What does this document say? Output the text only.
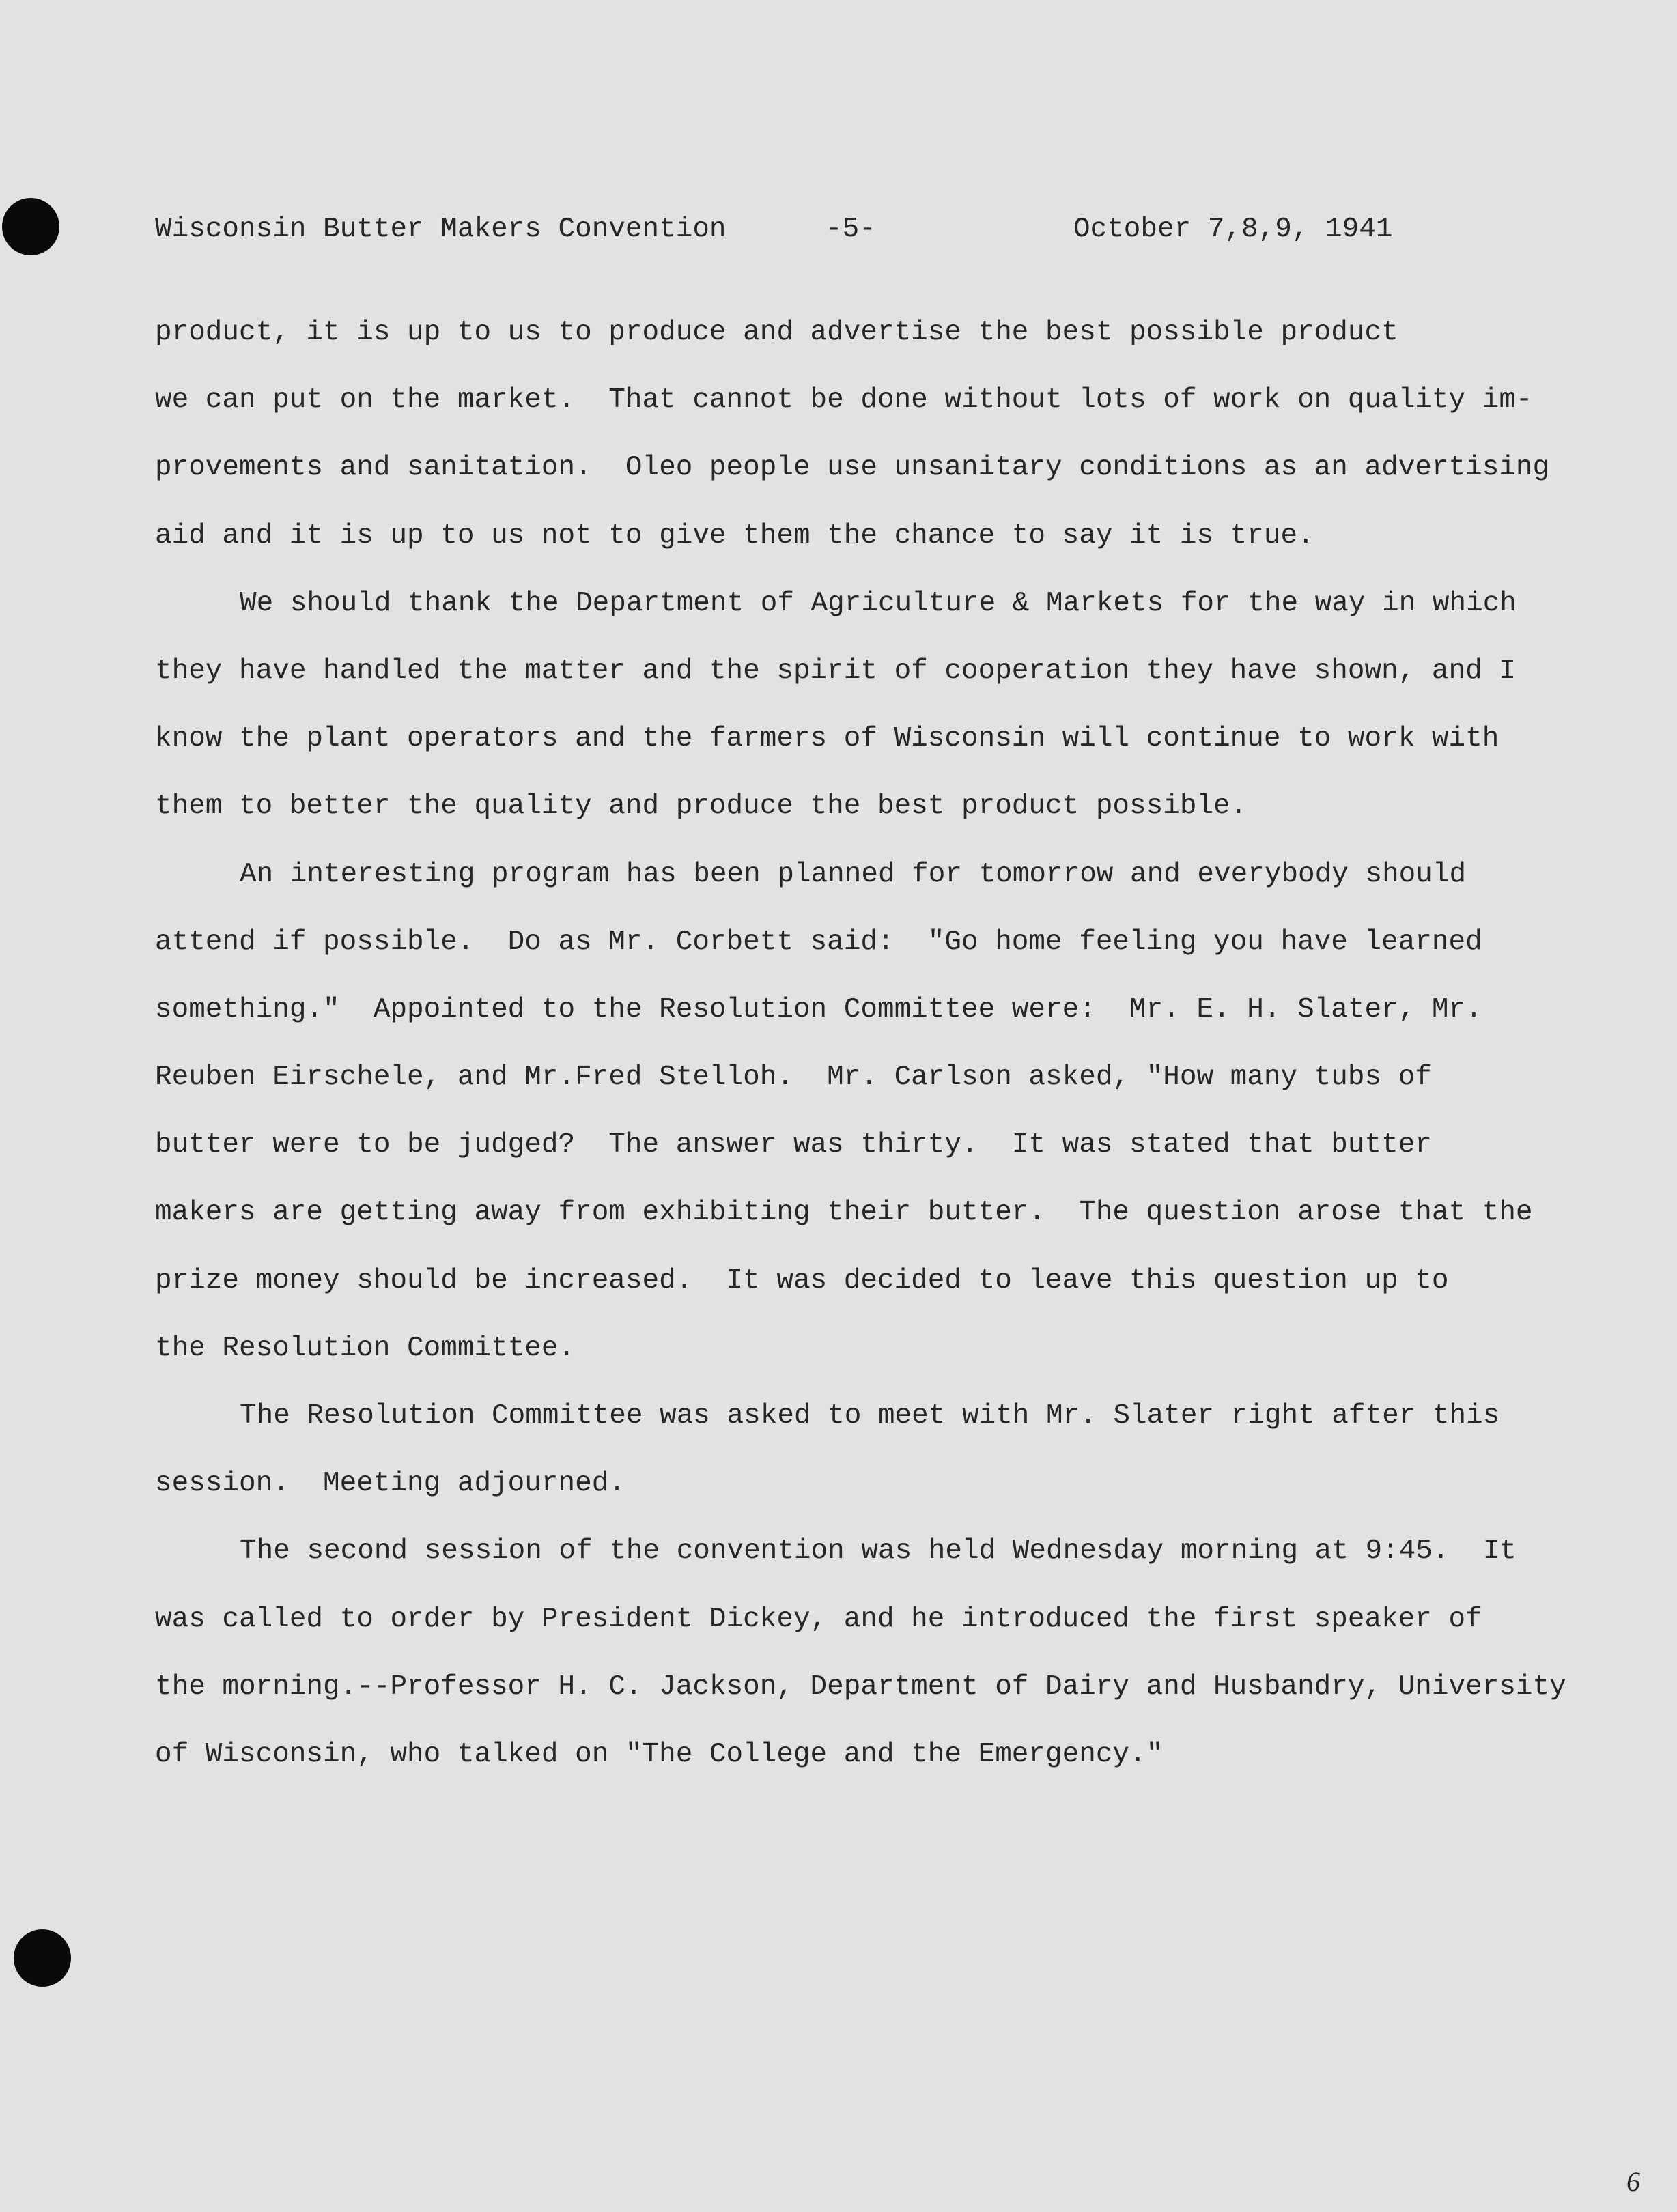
Wisconsin Butter Makers Convention

	-5-

	October 7,8,9, 1941

product, it is up to us to produce and advertise the best possible product
we can put on the market.  That cannot be done without lots of work on quality im-
provements and sanitation.  Oleo people use unsanitary conditions as an advertising
aid and it is up to us not to give them the chance to say it is true.
We should thank the Department of Agriculture & Markets for the way in which
they have handled the matter and the spirit of cooperation they have shown, and I
know the plant operators and the farmers of Wisconsin will continue to work with
them to better the quality and produce the best product possible.
An interesting program has been planned for tomorrow and everybody should
attend if possible.  Do as Mr. Corbett said:  "Go home feeling you have learned
something."  Appointed to the Resolution Committee were:  Mr. E. H. Slater, Mr.
Reuben Eirschele, and Mr.Fred Stelloh.  Mr. Carlson asked, "How many tubs of
butter were to be judged?  The answer was thirty.  It was stated that butter
makers are getting away from exhibiting their butter.  The question arose that the
prize money should be increased.  It was decided to leave this question up to
the Resolution Committee.
The Resolution Committee was asked to meet with Mr. Slater right after this
session.  Meeting adjourned.
The second session of the convention was held Wednesday morning at 9:45.  It
was called to order by President Dickey, and he introduced the first speaker of
the morning.--Professor H. C. Jackson, Department of Dairy and Husbandry, University
of Wisconsin, who talked on "The College and the Emergency."
6
